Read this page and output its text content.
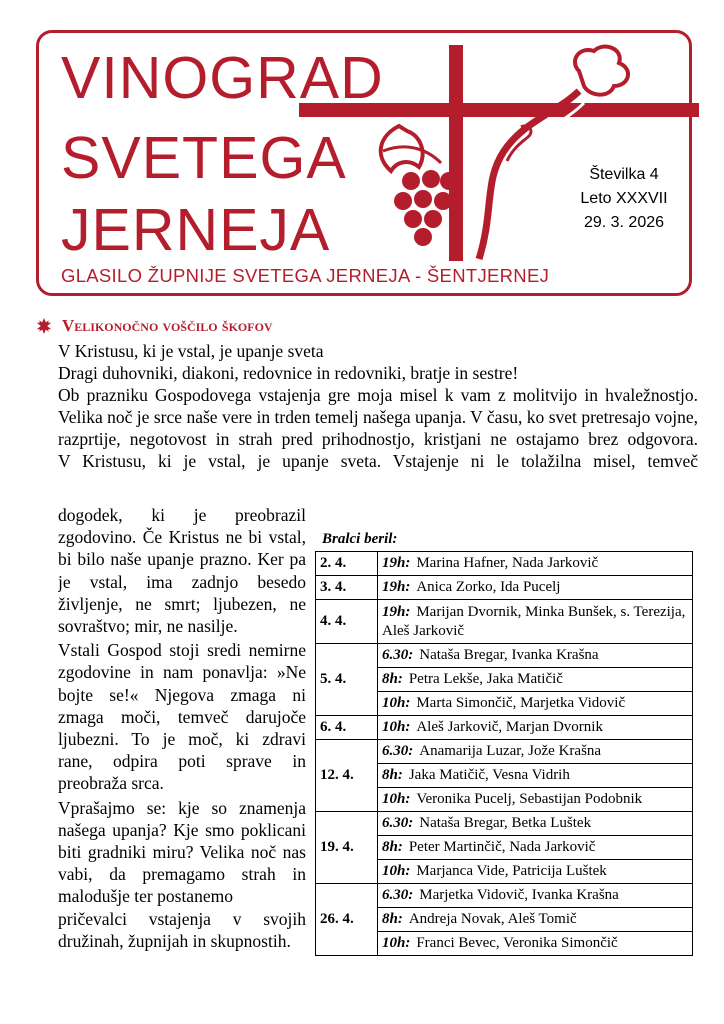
VINOGRAD
SVETEGA
JERNEJA
GLASILO ŽUPNIJE SVETEGA JERNEJA - ŠENTJERNEJ
Številka 4
Leto XXXVII
29. 3. 2026
Velikonočno voščilo škofov
V Kristusu, ki je vstal, je upanje sveta
Dragi duhovniki, diakoni, redovnice in redovniki, bratje in sestre!
Ob prazniku Gospodovega vstajenja gre moja misel k vam z molitvijo in hvaležnostjo. Velika noč je srce naše vere in trden temelj našega upanja. V času, ko svet pretresajo vojne, razprtije, negotovost in strah pred prihodnostjo, kristjani ne ostajamo brez odgovora.
V Kristusu, ki je vstal, je upanje sveta. Vstajenje ni le tolažilna misel, temveč
dogodek, ki je preobrazil
zgodovino. Če Kristus ne bi vstal,
bi bilo naše upanje prazno. Ker pa
je vstal, ima zadnjo besedo
življenje, ne smrt; ljubezen, ne
sovraštvo; mir, ne nasilje.
Vstali Gospod stoji sredi nemirne
zgodovine in nam ponavlja: »Ne
bojte se!« Njegova zmaga ni
zmaga moči, temveč darujoče
ljubezni. To je moč, ki zdravi
rane, odpira poti sprave in
preobraža srca.
Vprašajmo se: kje so znamenja
našega upanja? Kje smo poklicani
biti gradniki miru? Velika noč nas
vabi, da premagamo strah in
malodušje ter postanemo
pričevalci vstajenja v svojih
družinah, župnijah in skupnostih.
Bralci beril:
2. 4.	19h: Marina Hafner, Nada Jarkovič
3. 4.	19h: Anica Zorko, Ida Pucelj
4. 4.	19h: Marijan Dvornik, Minka Bunšek, s. Terezija, Aleš Jarkovič
5. 4.	6.30: Nataša Bregar, Ivanka Krašna
	8h: Petra Lekše, Jaka Matičič
	10h: Marta Simončič, Marjetka Vidovič
6. 4.	10h: Aleš Jarkovič, Marjan Dvornik
12. 4.	6.30: Anamarija Luzar, Jože Krašna
	8h: Jaka Matičič, Vesna Vidrih
	10h: Veronika Pucelj, Sebastijan Podobnik
19. 4.	6.30: Nataša Bregar, Betka Luštek
	8h: Peter Martinčič, Nada Jarkovič
	10h: Marjanca Vide, Patricija Luštek
26. 4.	6.30: Marjetka Vidovič, Ivanka Krašna
	8h: Andreja Novak, Aleš Tomič
	10h: Franci Bevec, Veronika Simončič
